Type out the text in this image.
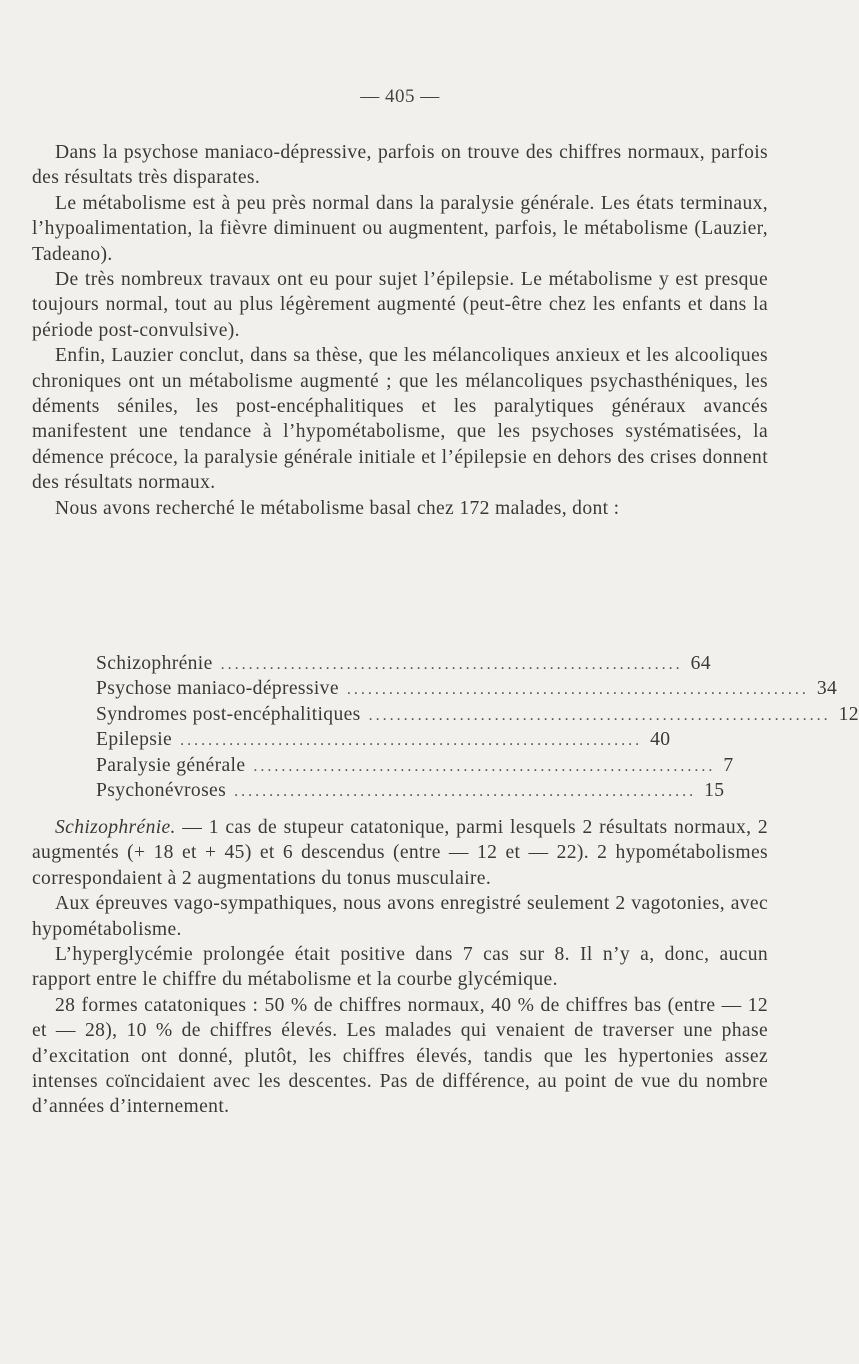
— 405 —

Dans la psychose maniaco-dépressive, parfois on trouve des chiffres normaux, parfois des résultats très disparates.

Le métabolisme est à peu près normal dans la paralysie générale. Les états terminaux, l’hypoalimentation, la fièvre diminuent ou augmentent, parfois, le métabolisme (Lauzier, Tadeano).

De très nombreux travaux ont eu pour sujet l’épilepsie. Le métabolisme y est presque toujours normal, tout au plus légèrement augmenté (peut-être chez les enfants et dans la période post-convulsive).

Enfin, Lauzier conclut, dans sa thèse, que les mélancoliques anxieux et les alcooliques chroniques ont un métabolisme augmenté ; que les mélancoliques psychasthéniques, les déments séniles, les post-encéphalitiques et les paralytiques généraux avancés manifestent une tendance à l’hypométabolisme, que les psychoses systématisées, la démence précoce, la paralysie générale initiale et l’épilepsie en dehors des crises donnent des résultats normaux.

Nous avons recherché le métabolisme basal chez 172 malades, dont :

Schizophrénie .................................................................. 64
Psychose maniaco-dépressive .................................................................. 34
Syndromes post-encéphalitiques .................................................................. 12
Epilepsie .................................................................. 40
Paralysie générale .................................................................. 7
Psychonévroses .................................................................. 15

Schizophrénie. — 1 cas de stupeur catatonique, parmi lesquels 2 résultats normaux, 2 augmentés (+ 18 et + 45) et 6 descendus (entre — 12 et — 22). 2 hypométabolismes correspondaient à 2 augmentations du tonus musculaire.

Aux épreuves vago-sympathiques, nous avons enregistré seulement 2 vagotonies, avec hypométabolisme.

L’hyperglycémie prolongée était positive dans 7 cas sur 8. Il n’y a, donc, aucun rapport entre le chiffre du métabolisme et la courbe glycémique.

28 formes catatoniques : 50 % de chiffres normaux, 40 % de chiffres bas (entre — 12 et — 28), 10 % de chiffres élevés. Les malades qui venaient de traverser une phase d’excitation ont donné, plutôt, les chiffres élevés, tandis que les hypertonies assez intenses coïncidaient avec les descentes. Pas de différence, au point de vue du nombre d’années d’internement.
